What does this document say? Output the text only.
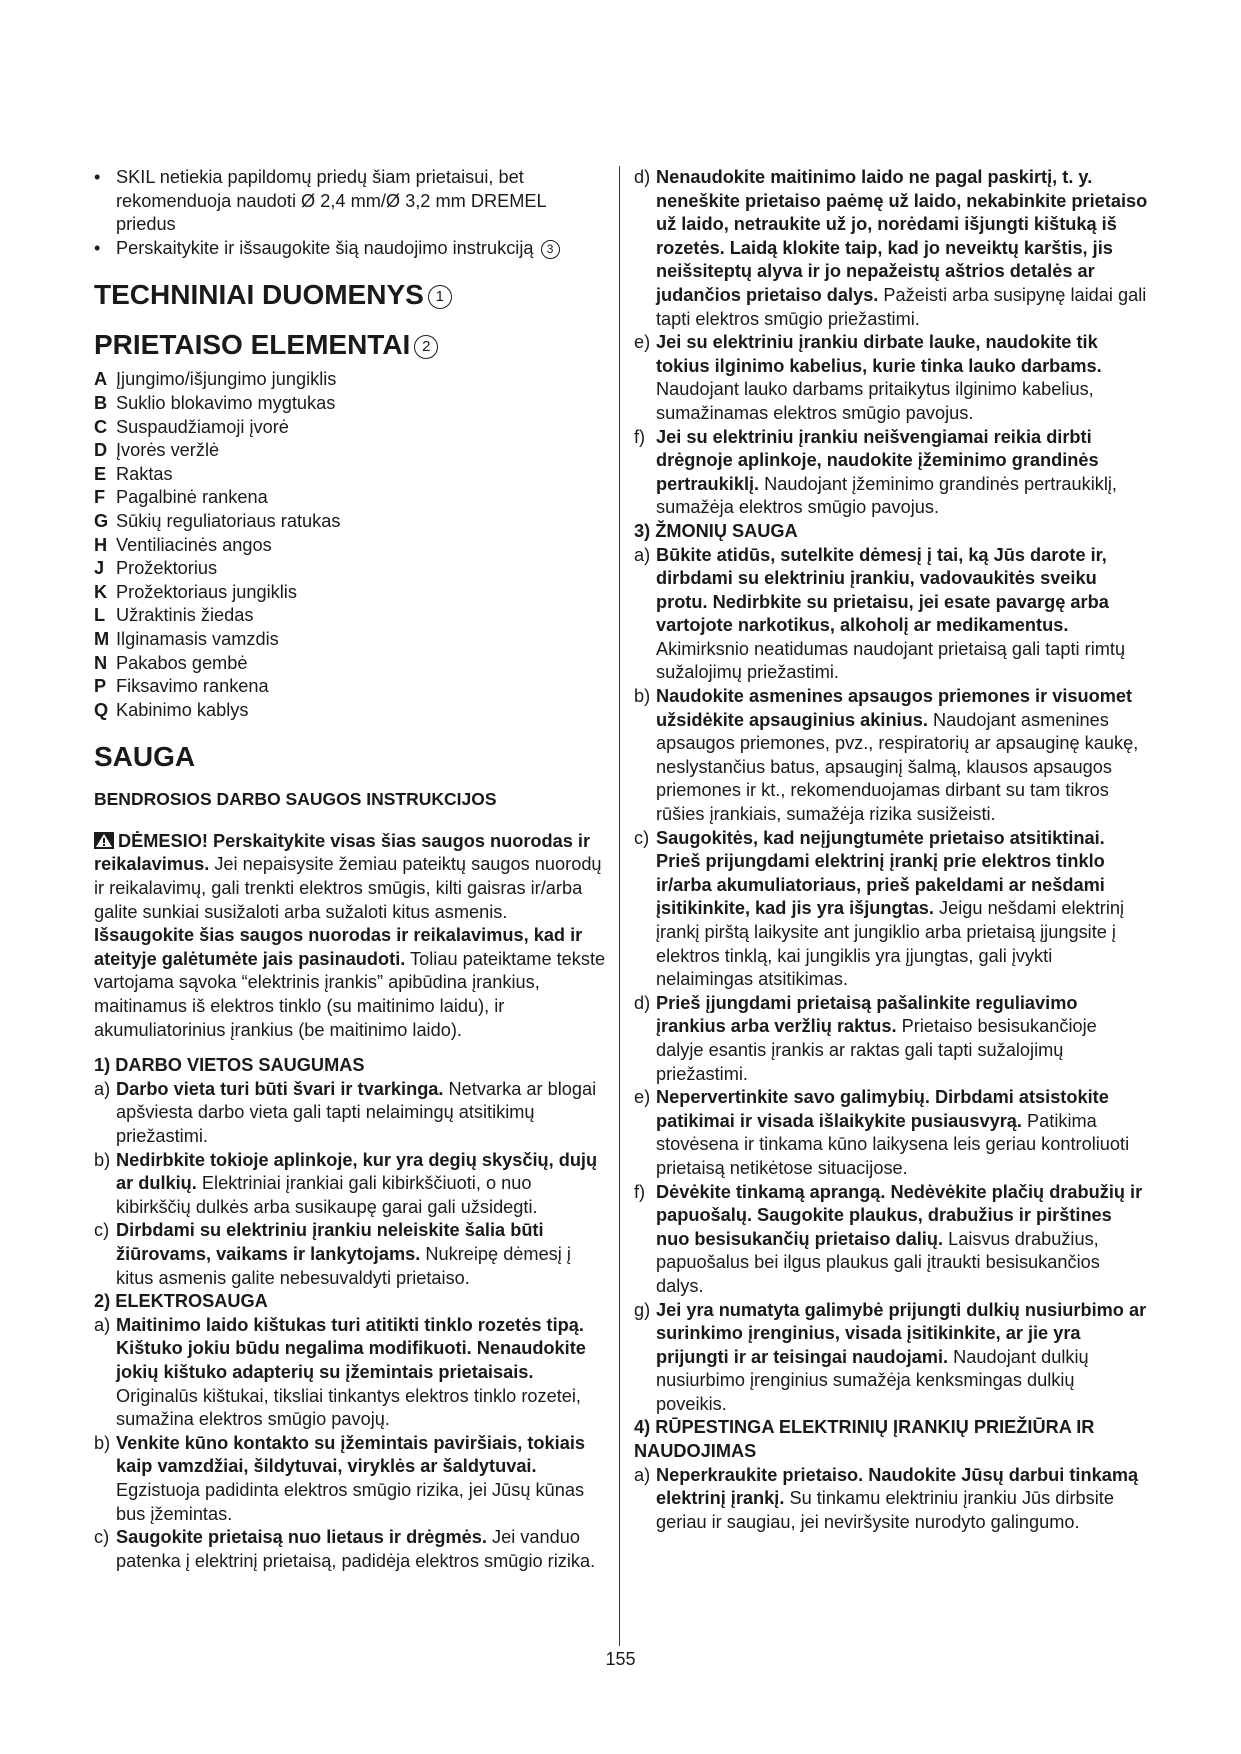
• SKIL netiekia papildomų priedų šiam prietaisui, bet rekomenduoja naudoti Ø 2,4 mm/Ø 3,2 mm DREMEL priedus
• Perskaitykite ir išsaugokite šią naudojimo instrukciją 3
TECHNINIAI DUOMENYS 1
PRIETAISO ELEMENTAI 2
A Įjungimo/išjungimo jungiklis
B Suklio blokavimo mygtukas
C Suspaudžiamoji įvorė
D Įvorės veržlė
E Raktas
F Pagalbinė rankena
G Sūkių reguliatoriaus ratukas
H Ventiliacinės angos
J Prožektorius
K Prožektoriaus jungiklis
L Užraktinis žiedas
M Ilginamasis vamzdis
N Pakabos gembė
P Fiksavimo rankena
Q Kabinimo kablys
SAUGA
BENDROSIOS DARBO SAUGOS INSTRUKCIJOS
DĖMESIO! Perskaitykite visas šias saugos nuorodas ir reikalavimus. Jei nepaisysite žemiau pateiktų saugos nuorodų ir reikalavimų, gali trenkti elektros smūgis, kilti gaisras ir/arba galite sunkiai susižaloti arba sužaloti kitus asmenis. Išsaugokite šias saugos nuorodas ir reikalavimus, kad ir ateityje galėtumėte jais pasinaudoti. Toliau pateiktame tekste vartojama sąvoka “elektrinis įrankis” apibūdina įrankius, maitinamus iš elektros tinklo (su maitinimo laidu), ir akumuliatorinius įrankius (be maitinimo laido).
1) DARBO VIETOS SAUGUMAS
a) Darbo vieta turi būti švari ir tvarkinga. Netvarka ar blogai apšviesta darbo vieta gali tapti nelaimingų atsitikimų priežastimi.
b) Nedirbkite tokioje aplinkoje, kur yra degių skysčių, dujų ar dulkių. Elektriniai įrankiai gali kibirkščiuoti, o nuo kibirkščių dulkės arba susikaupę garai gali užsidegti.
c) Dirbdami su elektriniu įrankiu neleiskite šalia būti žiūrovams, vaikams ir lankytojams. Nukreipę dėmesį į kitus asmenis galite nebesuvaldyti prietaiso.
2) ELEKTROSAUGA
a) Maitinimo laido kištukas turi atitikti tinklo rozetės tipą. Kištuko jokiu būdu negalima modifikuoti. Nenaudokite jokių kištuko adapterių su įžemintais prietaisais. Originalūs kištukai, tiksliai tinkantys elektros tinklo rozetei, sumažina elektros smūgio pavojų.
b) Venkite kūno kontakto su įžemintais paviršiais, tokiais kaip vamzdžiai, šildytuvai, viryklės ar šaldytuvai. Egzistuoja padidinta elektros smūgio rizika, jei Jūsų kūnas bus įžemintas.
c) Saugokite prietaisą nuo lietaus ir drėgmės. Jei vanduo patenka į elektrinį prietaisą, padidėja elektros smūgio rizika.
d) Nenaudokite maitinimo laido ne pagal paskirtį, t. y. neneškite prietaiso paėmę už laido, nekabinkite prietaiso už laido, netraukite už jo, norėdami išjungti kištuką iš rozetės. Laidą klokite taip, kad jo neveiktų karštis, jis neišsiteptų alyva ir jo nepažeistų aštrios detalės ar judančios prietaiso dalys. Pažeisti arba susipynę laidai gali tapti elektros smūgio priežastimi.
e) Jei su elektriniu įrankiu dirbate lauke, naudokite tik tokius ilginimo kabelius, kurie tinka lauko darbams. Naudojant lauko darbams pritaikytus ilginimo kabelius, sumažinamas elektros smūgio pavojus.
f) Jei su elektriniu įrankiu neišvengiamai reikia dirbti drėgnoje aplinkoje, naudokite įžeminimo grandinės pertraukiklį. Naudojant įžeminimo grandinės pertraukiklį, sumažėja elektros smūgio pavojus.
3) ŽMONIŲ SAUGA
a) Būkite atidūs, sutelkite dėmesį į tai, ką Jūs darote ir, dirbdami su elektriniu įrankiu, vadovaukitės sveiku protu. Nedirbkite su prietaisu, jei esate pavargę arba vartojote narkotikus, alkoholį ar medikamentus. Akimirksnio neatidumas naudojant prietaisą gali tapti rimtų sužalojimų priežastimi.
b) Naudokite asmenines apsaugos priemones ir visuomet užsidėkite apsauginius akinius. Naudojant asmenines apsaugos priemones, pvz., respiratorių ar apsauginę kaukę, neslystančius batus, apsauginį šalmą, klausos apsaugos priemones ir kt., rekomenduojamas dirbant su tam tikros rūšies įrankiais, sumažėja rizika susižeisti.
c) Saugokitės, kad neįjungtumėte prietaiso atsitiktinai. Prieš prijungdami elektrinį įrankį prie elektros tinklo ir/arba akumuliatoriaus, prieš pakeldami ar nešdami įsitikinkite, kad jis yra išjungtas. Jeigu nešdami elektrinį įrankį pirštą laikysite ant jungiklio arba prietaisą įjungsite į elektros tinklą, kai jungiklis yra įjungtas, gali įvykti nelaimingas atsitikimas.
d) Prieš įjungdami prietaisą pašalinkite reguliavimo įrankius arba veržlių raktus. Prietaiso besisukančioje dalyje esantis įrankis ar raktas gali tapti sužalojimų priežastimi.
e) Nepervertinkite savo galimybių. Dirbdami atsistokite patikimai ir visada išlaikykite pusiausvyrą. Patikima stovėsena ir tinkama kūno laikysena leis geriau kontroliuoti prietaisą netikėtose situacijose.
f) Dėvėkite tinkamą aprangą. Nedėvėkite plačių drabužių ir papuošalų. Saugokite plaukus, drabužius ir pirštines nuo besisukančių prietaiso dalių. Laisvus drabužius, papuošalus bei ilgus plaukus gali įtraukti besisukančios dalys.
g) Jei yra numatyta galimybė prijungti dulkių nusiurbimo ar surinkimo įrenginius, visada įsitikinkite, ar jie yra prijungti ir ar teisingai naudojami. Naudojant dulkių nusiurbimo įrenginius sumažėja kenksmingas dulkių poveikis.
4) RŪPESTINGA ELEKTRINIŲ ĮRANKIŲ PRIEŽIŪRA IR NAUDOJIMAS
a) Neperkraukite prietaiso. Naudokite Jūsų darbui tinkamą elektrinį įrankį. Su tinkamu elektriniu įrankiu Jūs dirbsite geriau ir saugiau, jei neviršysite nurodyto galingumo.
155
